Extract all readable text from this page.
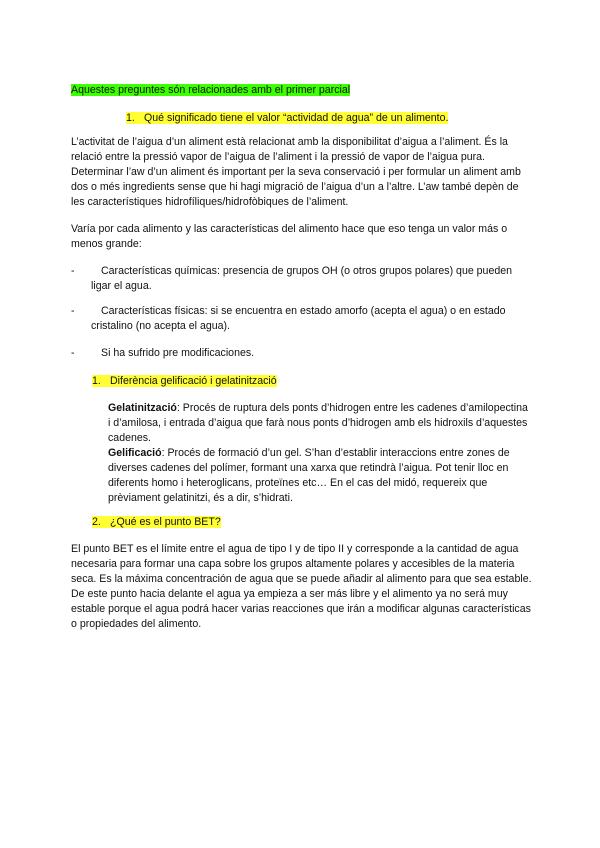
Aquestes preguntes són relacionades amb el primer parcial
1. Qué significado tiene el valor “actividad de agua” de un alimento.

L’activitat de l’aigua d’un aliment està relacionat amb la disponibilitat d’aigua a l’aliment. És la relació entre la pressió vapor de l’aigua de l’aliment i la pressió de vapor de l’aigua pura. Determinar l’aw d’un aliment és important per la seva conservació i per formular un aliment amb dos o més ingredients sense que hi hagi migració de l’aigua d’un a l’altre. L’aw també depèn de les característiques hidrofíliques/hidrofòbiques de l’aliment.

Varía por cada alimento y las características del alimento hace que eso tenga un valor más o menos grande:

-	Características químicas: presencia de grupos OH (o otros grupos polares) que pueden ligar el agua.
-	Características físicas: si se encuentra en estado amorfo (acepta el agua) o en estado cristalino (no acepta el agua).
-	Si ha sufrido pre modificaciones.
1. Diferència gelificació i gelatinització

Gelatinització: Procés de ruptura dels ponts d’hidrogen entre les cadenes d’amilopectina i d’amilosa, i entrada d’aigua que farà nous ponts d’hidrogen amb els hidroxils d’aquestes cadenes.

Gelificació: Procés de formació d’un gel. S’han d’establir interaccions entre zones de diverses cadenes del polímer, formant una xarxa que retindrà l’aigua. Pot tenir lloc en diferents homo i heteroglicans, proteïnes etc… En el cas del midó, requereix que prèviament gelatinitzi, és a dir, s’hidrati.

2. ¿Qué es el punto BET?

El punto BET es el límite entre el agua de tipo I y de tipo II y corresponde a la cantidad de agua necesaria para formar una capa sobre los grupos altamente polares y accesibles de la materia seca. Es la máxima concentración de agua que se puede añadir al alimento para que sea estable. De este punto hacia delante el agua ya empieza a ser más libre y el alimento ya no será muy estable porque el agua podrá hacer varias reacciones que irán a modificar algunas características o propiedades del alimento.
